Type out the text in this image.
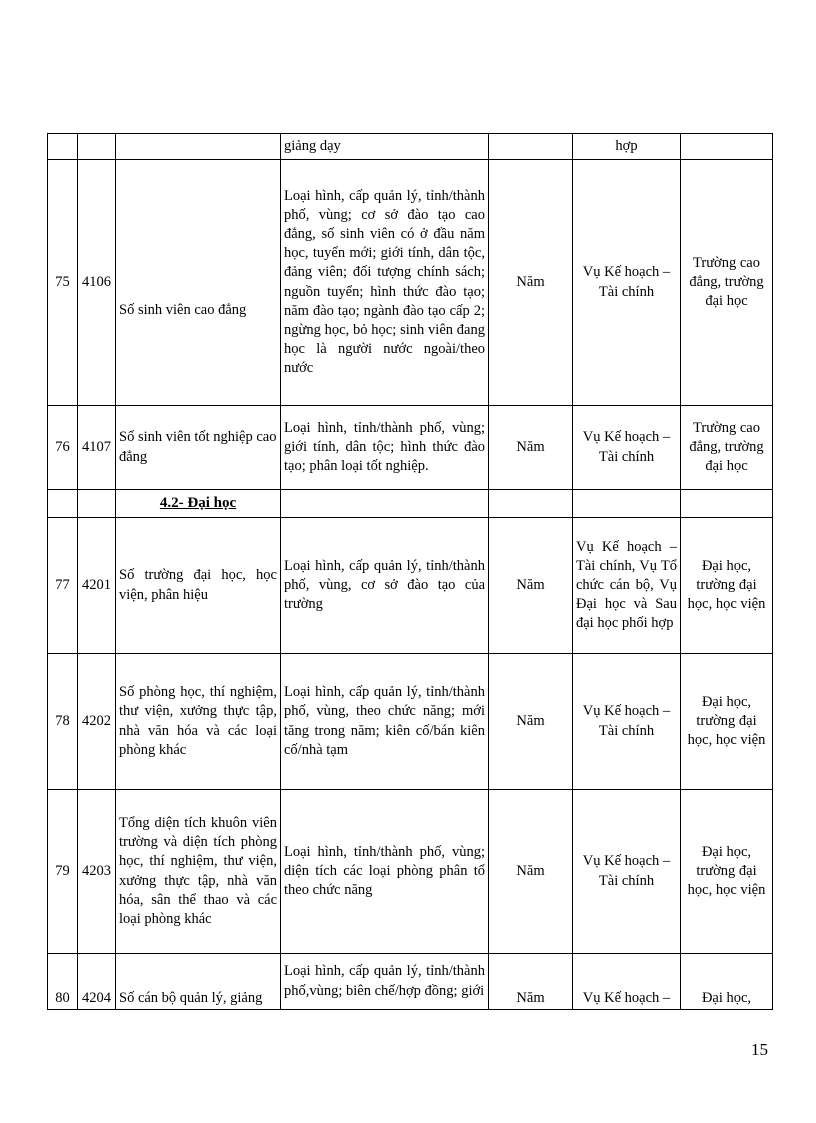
			giảng dạy		hợp	
75	4106	Số sinh viên cao đẳng	Loại hình, cấp quản lý, tỉnh/thành phố, vùng; cơ sở đào tạo cao đẳng, số sinh viên có ở đầu năm học, tuyển mới; giới tính, dân tộc, đảng viên; đối tượng chính sách; nguồn tuyển; hình thức đào tạo; năm đào tạo; ngành đào tạo cấp 2; ngừng học, bỏ học; sinh viên đang học là người nước ngoài/theo nước	Năm	Vụ Kế hoạch – Tài chính	Trường cao đẳng, trường đại học
76	4107	Số sinh viên tốt nghiệp cao đẳng	Loại hình, tỉnh/thành phố, vùng; giới tính, dân tộc; hình thức đào tạo; phân loại tốt nghiệp.	Năm	Vụ Kế hoạch – Tài chính	Trường cao đẳng, trường đại học
		4.2- Đại học				
77	4201	Số trường đại học, học viện, phân hiệu	Loại hình, cấp quản lý, tỉnh/thành phố, vùng, cơ sở đào tạo của trường	Năm	Vụ Kế hoạch – Tài chính, Vụ Tổ chức cán bộ, Vụ Đại học và Sau đại học phối hợp	Đại học, trường đại học, học viện
78	4202	Số phòng học, thí nghiệm, thư viện, xưởng thực tập, nhà văn hóa và các loại phòng khác	Loại hình, cấp quản lý, tỉnh/thành phố, vùng, theo chức năng; mới tăng trong năm; kiên cố/bán kiên cố/nhà tạm	Năm	Vụ Kế hoạch – Tài chính	Đại học, trường đại học, học viện
79	4203	Tổng diện tích khuôn viên trường và diện tích phòng học, thí nghiệm, thư viện, xưởng thực tập, nhà văn hóa, sân thể thao và các loại phòng khác	Loại hình, tỉnh/thành phố, vùng; diện tích các loại phòng phân tổ theo chức năng	Năm	Vụ Kế hoạch – Tài chính	Đại học, trường đại học, học viện
80	4204	Số cán bộ quản lý, giảng	Loại hình, cấp quản lý, tỉnh/thành phố,vùng; biên chế/hợp đồng; giới	Năm	Vụ Kế hoạch –	Đại học,
15
